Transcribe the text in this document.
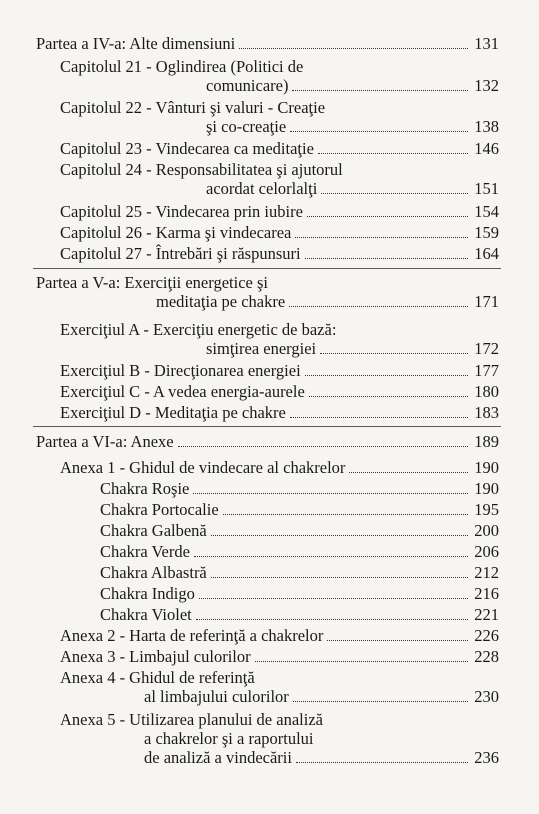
Partea a IV-a: Alte dimensiuni	131
Capitolul 21 - Oglindirea (Politici de
comunicare)	132
Capitolul 22 - Vânturi şi valuri - Creaţie
şi co-creaţie	138
Capitolul 23 - Vindecarea ca meditaţie	146
Capitolul 24 - Responsabilitatea şi ajutorul
acordat celorlalţi	151
Capitolul 25 - Vindecarea prin iubire	154
Capitolul 26 - Karma şi vindecarea	159
Capitolul 27 - Întrebări şi răspunsuri	164
Partea a V-a: Exerciţii energetice şi
meditaţia pe chakre	171
Exerciţiul A - Exerciţiu energetic de bază:
simţirea energiei	172
Exerciţiul B - Direcţionarea energiei	177
Exerciţiul C - A vedea energia-aurele	180
Exerciţiul D - Meditaţia pe chakre	183
Partea a VI-a: Anexe	189
Anexa 1 - Ghidul de vindecare al chakrelor	190
Chakra Roşie	190
Chakra Portocalie	195
Chakra Galbenă	200
Chakra Verde	206
Chakra Albastră	212
Chakra Indigo	216
Chakra Violet	221
Anexa 2 - Harta de referinţă a chakrelor	226
Anexa 3 - Limbajul culorilor	228
Anexa 4 - Ghidul de referinţă
al limbajului culorilor	230
Anexa 5 - Utilizarea planului de analiză
a chakrelor şi a raportului
de analiză a vindecării	236
